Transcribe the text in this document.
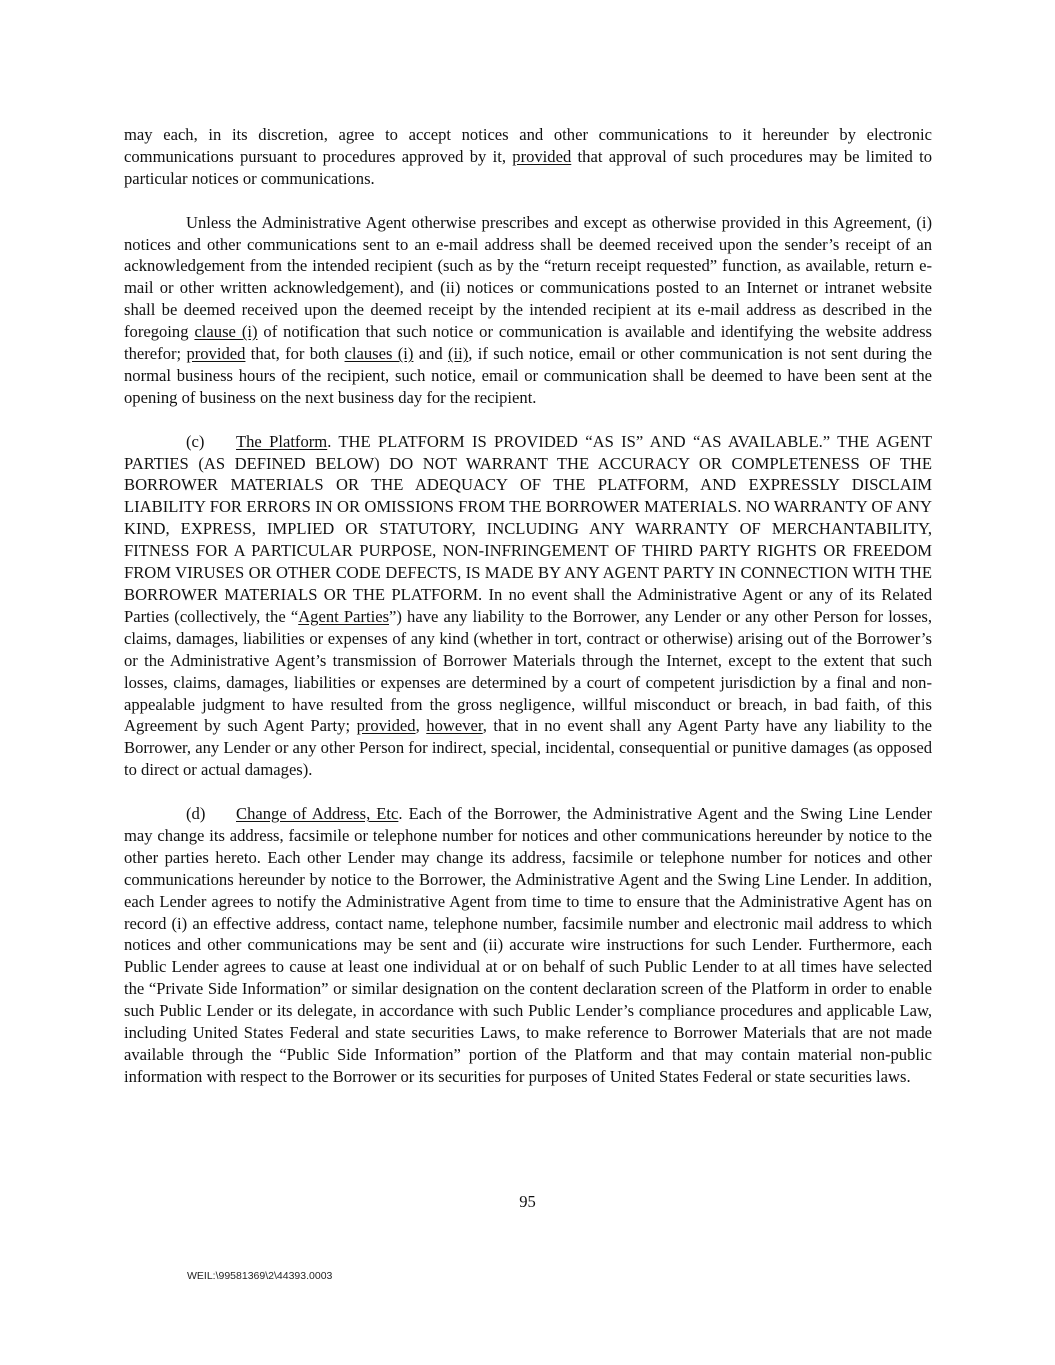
may each, in its discretion, agree to accept notices and other communications to it hereunder by electronic communications pursuant to procedures approved by it, provided that approval of such procedures may be limited to particular notices or communications.

Unless the Administrative Agent otherwise prescribes and except as otherwise provided in this Agreement, (i) notices and other communications sent to an e-mail address shall be deemed received upon the sender’s receipt of an acknowledgement from the intended recipient (such as by the “return receipt requested” function, as available, return e-mail or other written acknowledgement), and (ii) notices or communications posted to an Internet or intranet website shall be deemed received upon the deemed receipt by the intended recipient at its e-mail address as described in the foregoing clause (i) of notification that such notice or communication is available and identifying the website address therefor; provided that, for both clauses (i) and (ii), if such notice, email or other communication is not sent during the normal business hours of the recipient, such notice, email or communication shall be deemed to have been sent at the opening of business on the next business day for the recipient.

(c) The Platform. THE PLATFORM IS PROVIDED “AS IS” AND “AS AVAILABLE.” THE AGENT PARTIES (AS DEFINED BELOW) DO NOT WARRANT THE ACCURACY OR COMPLETENESS OF THE BORROWER MATERIALS OR THE ADEQUACY OF THE PLATFORM, AND EXPRESSLY DISCLAIM LIABILITY FOR ERRORS IN OR OMISSIONS FROM THE BORROWER MATERIALS. NO WARRANTY OF ANY KIND, EXPRESS, IMPLIED OR STATUTORY, INCLUDING ANY WARRANTY OF MERCHANTABILITY, FITNESS FOR A PARTICULAR PURPOSE, NON-INFRINGEMENT OF THIRD PARTY RIGHTS OR FREEDOM FROM VIRUSES OR OTHER CODE DEFECTS, IS MADE BY ANY AGENT PARTY IN CONNECTION WITH THE BORROWER MATERIALS OR THE PLATFORM. In no event shall the Administrative Agent or any of its Related Parties (collectively, the “Agent Parties”) have any liability to the Borrower, any Lender or any other Person for losses, claims, damages, liabilities or expenses of any kind (whether in tort, contract or otherwise) arising out of the Borrower’s or the Administrative Agent’s transmission of Borrower Materials through the Internet, except to the extent that such losses, claims, damages, liabilities or expenses are determined by a court of competent jurisdiction by a final and non-appealable judgment to have resulted from the gross negligence, willful misconduct or breach, in bad faith, of this Agreement by such Agent Party; provided, however, that in no event shall any Agent Party have any liability to the Borrower, any Lender or any other Person for indirect, special, incidental, consequential or punitive damages (as opposed to direct or actual damages).

(d) Change of Address, Etc. Each of the Borrower, the Administrative Agent and the Swing Line Lender may change its address, facsimile or telephone number for notices and other communications hereunder by notice to the other parties hereto. Each other Lender may change its address, facsimile or telephone number for notices and other communications hereunder by notice to the Borrower, the Administrative Agent and the Swing Line Lender. In addition, each Lender agrees to notify the Administrative Agent from time to time to ensure that the Administrative Agent has on record (i) an effective address, contact name, telephone number, facsimile number and electronic mail address to which notices and other communications may be sent and (ii) accurate wire instructions for such Lender. Furthermore, each Public Lender agrees to cause at least one individual at or on behalf of such Public Lender to at all times have selected the “Private Side Information” or similar designation on the content declaration screen of the Platform in order to enable such Public Lender or its delegate, in accordance with such Public Lender’s compliance procedures and applicable Law, including United States Federal and state securities Laws, to make reference to Borrower Materials that are not made available through the “Public Side Information” portion of the Platform and that may contain material non-public information with respect to the Borrower or its securities for purposes of United States Federal or state securities laws.

95
WEIL:\99581369\2\44393.0003
